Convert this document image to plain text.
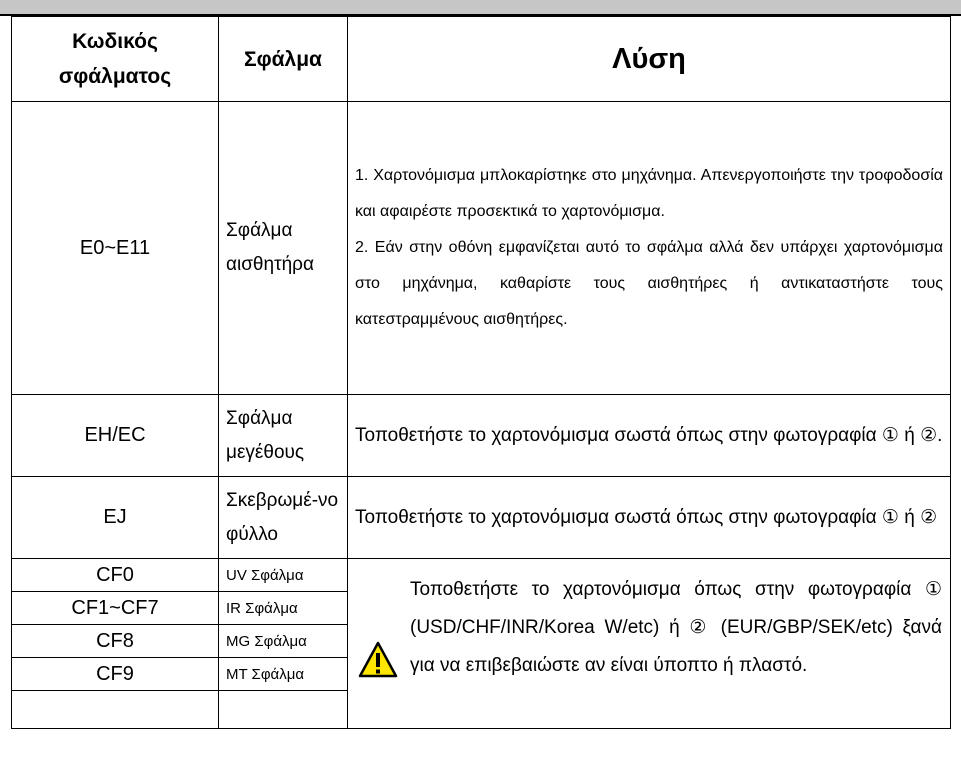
Κωδικός σφάλματος	Σφάλμα	Λύση
E0~E11	Σφάλμα αισθητήρα	1. Χαρτονόμισμα μπλοκαρίστηκε στο μηχάνημα. Απενεργοποιήστε την τροφοδοσία και αφαιρέστε προσεκτικά το χαρτονόμισμα.

2. Εάν στην οθόνη εμφανίζεται αυτό το σφάλμα αλλά δεν υπάρχει χαρτονόμισμα στο μηχάνημα, καθαρίστε τους αισθητήρες ή αντικαταστήστε τους κατεστραμμένους αισθητήρες.

EH/EC	Σφάλμα μεγέθους	Τοποθετήστε το χαρτονόμισμα σωστά όπως στην φωτογραφία ① ή ②.

EJ	Σκεβρωμέ-νο φύλλο	Τοποθετήστε το χαρτονόμισμα σωστά όπως στην φωτογραφία ① ή ②

CF0	UV Σφάλμα	Τοποθετήστε το χαρτονόμισμα όπως στην φωτογραφία ① (USD/CHF/INR/Korea W/etc) ή ② (EUR/GBP/SEK/etc) ξανά για να επιβεβαιώστε αν είναι ύποπτο ή πλαστό.

CF1~CF7	IR Σφάλμα	
CF8	MG Σφάλμα	
CF9	MT Σφάλμα	
